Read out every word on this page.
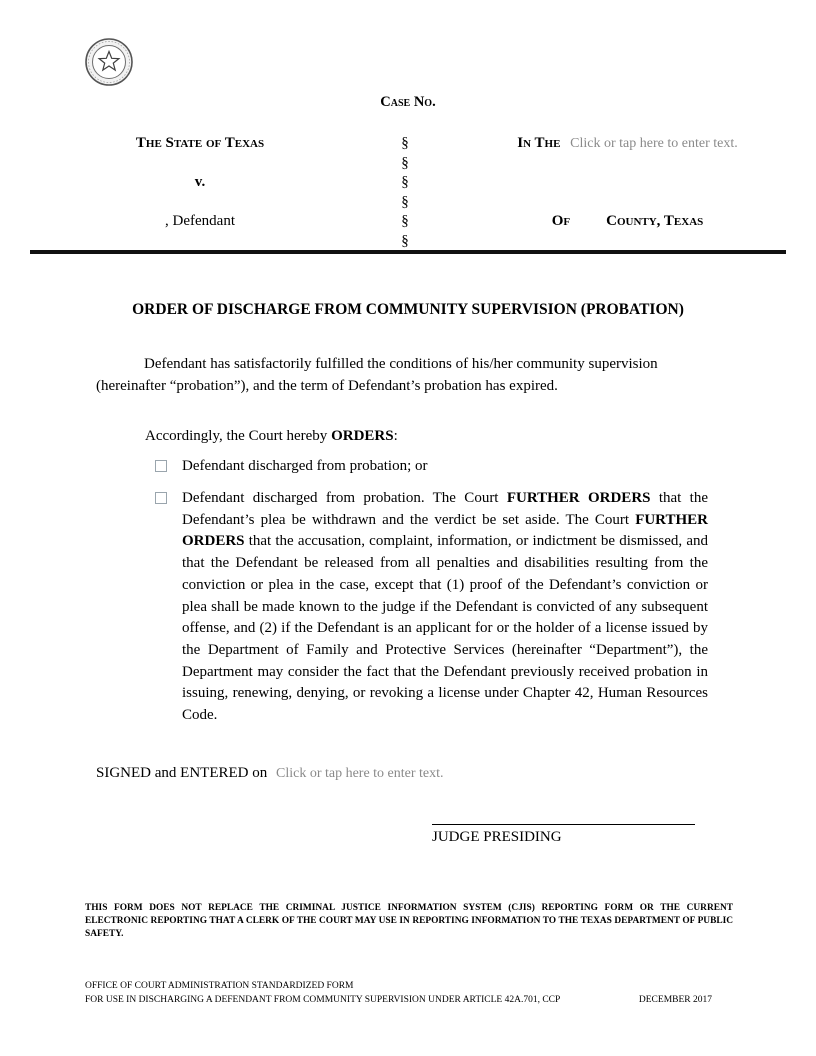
Case No.
The State of Texas
v.
, Defendant
§
§
§
§
§
§
In The Click or tap here to enter text.
Of County, Texas
ORDER OF DISCHARGE FROM COMMUNITY SUPERVISION (PROBATION)

Defendant has satisfactorily fulfilled the conditions of his/her community supervision (hereinafter “probation”), and the term of Defendant’s probation has expired.

Accordingly, the Court hereby ORDERS:

Defendant discharged from probation; or
Defendant discharged from probation. The Court FURTHER ORDERS that the Defendant’s plea be withdrawn and the verdict be set aside. The Court FURTHER ORDERS that the accusation, complaint, information, or indictment be dismissed, and that the Defendant be released from all penalties and disabilities resulting from the conviction or plea in the case, except that (1) proof of the Defendant’s conviction or plea shall be made known to the judge if the Defendant is convicted of any subsequent offense, and (2) if the Defendant is an applicant for or the holder of a license issued by the Department of Family and Protective Services (hereinafter “Department”), the Department may consider the fact that the Defendant previously received probation in issuing, renewing, denying, or revoking a license under Chapter 42, Human Resources Code.

SIGNED and ENTERED on Click or tap here to enter text.

JUDGE PRESIDING

THIS FORM DOES NOT REPLACE THE CRIMINAL JUSTICE INFORMATION SYSTEM (CJIS) REPORTING FORM OR THE CURRENT ELECTRONIC REPORTING THAT A CLERK OF THE COURT MAY USE IN REPORTING INFORMATION TO THE TEXAS DEPARTMENT OF PUBLIC SAFETY.

OFFICE OF COURT ADMINISTRATION STANDARDIZED FORM
FOR USE IN DISCHARGING A DEFENDANT FROM COMMUNITY SUPERVISION UNDER ARTICLE 42A.701, CCP	DECEMBER 2017
